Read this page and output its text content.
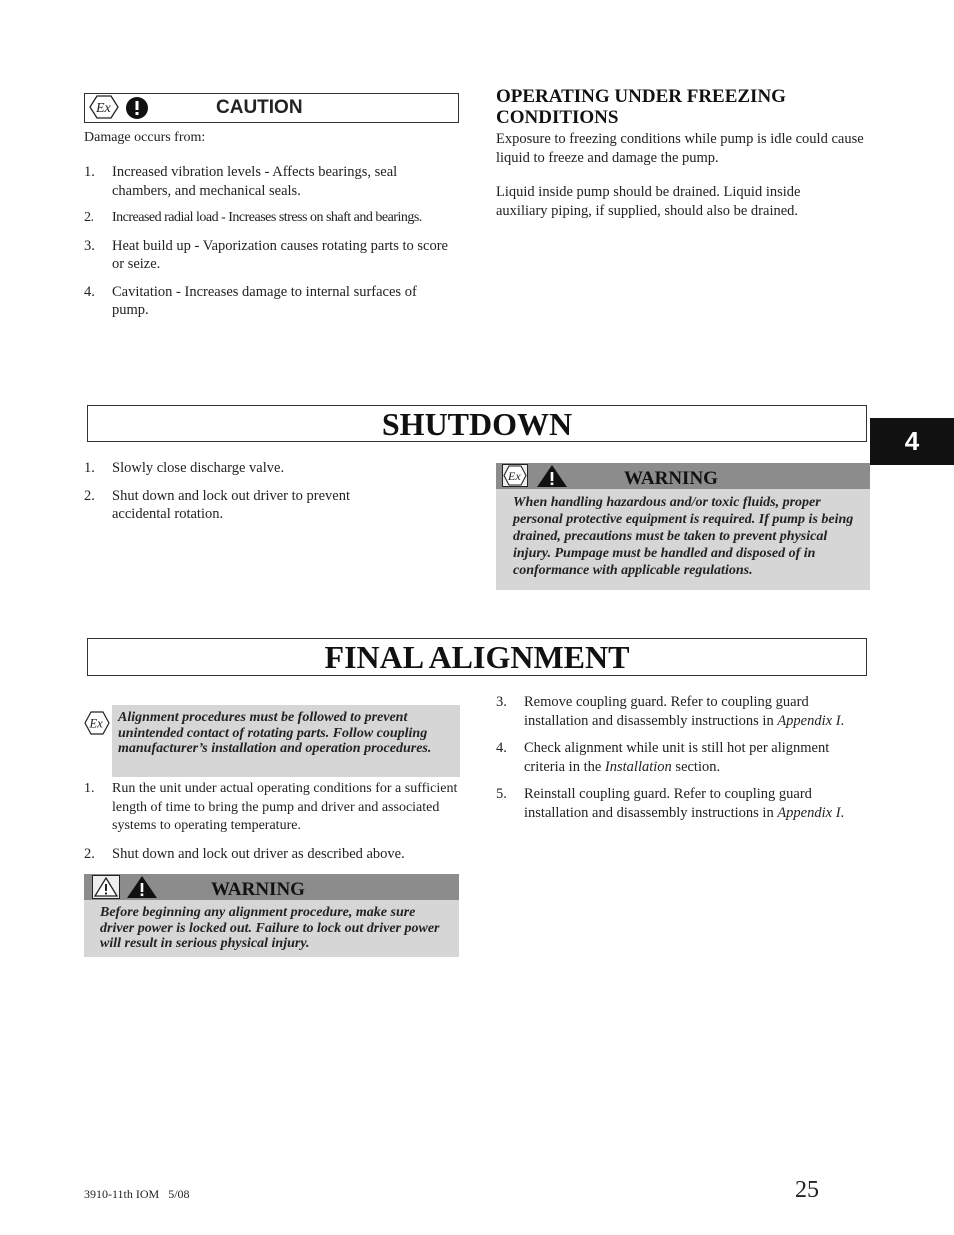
Ex	CAUTION
Damage occurs from:
1. Increased vibration levels - Affects bearings, seal chambers, and mechanical seals.
2. Increased radial load - Increases stress on shaft and bearings.
3. Heat build up - Vaporization causes rotating parts to score or seize.
4. Cavitation - Increases damage to internal surfaces of pump.
OPERATING UNDER FREEZING
CONDITIONS
Exposure to freezing conditions while pump is idle could cause liquid to freeze and damage the pump.
Liquid inside pump should be drained. Liquid inside auxiliary piping, if supplied, should also be drained.
SHUTDOWN	4
1. Slowly close discharge valve.
2. Shut down and lock out driver to prevent accidental rotation.
Ex	WARNING
When handling hazardous and/or toxic fluids, proper personal protective equipment is required. If pump is being drained, precautions must be taken to prevent physical injury. Pumpage must be handled and disposed of in conformance with applicable regulations.
FINAL ALIGNMENT
Ex	Alignment procedures must be followed to prevent unintended contact of rotating parts. Follow coupling manufacturer’s installation and operation procedures.
1. Run the unit under actual operating conditions for a sufficient length of time to bring the pump and driver and associated systems to operating temperature.
2. Shut down and lock out driver as described above.
WARNING
Before beginning any alignment procedure, make sure driver power is locked out. Failure to lock out driver power will result in serious physical injury.
3. Remove coupling guard. Refer to coupling guard installation and disassembly instructions in Appendix I.
4. Check alignment while unit is still hot per alignment criteria in the Installation section.
5. Reinstall coupling guard. Refer to coupling guard installation and disassembly instructions in Appendix I.
3910-11th IOM   5/08	25
